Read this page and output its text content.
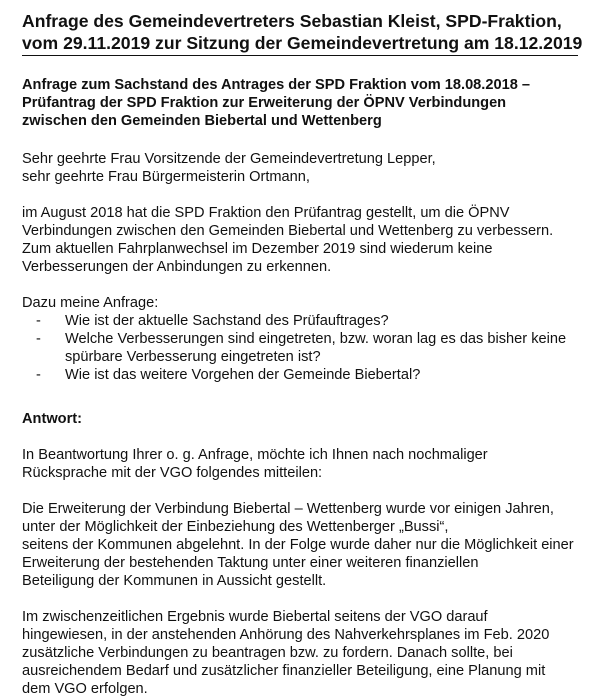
Anfrage des Gemeindevertreters Sebastian Kleist, SPD-Fraktion,
vom 29.11.2019 zur Sitzung der Gemeindevertretung am 18.12.2019
Anfrage zum Sachstand des Antrages der SPD Fraktion vom 18.08.2018 –
Prüfantrag der SPD Fraktion zur Erweiterung der ÖPNV Verbindungen
zwischen den Gemeinden Biebertal und Wettenberg
Sehr geehrte Frau Vorsitzende der Gemeindevertretung Lepper,
sehr geehrte Frau Bürgermeisterin Ortmann,
im August 2018 hat die SPD Fraktion den Prüfantrag gestellt, um die ÖPNV
Verbindungen zwischen den Gemeinden Biebertal und Wettenberg zu verbessern.
Zum aktuellen Fahrplanwechsel im Dezember 2019 sind wiederum keine
Verbesserungen der Anbindungen zu erkennen.
Dazu meine Anfrage:
- Wie ist der aktuelle Sachstand des Prüfauftrages?
- Welche Verbesserungen sind eingetreten, bzw. woran lag es das bisher keine
spürbare Verbesserung eingetreten ist?
- Wie ist das weitere Vorgehen der Gemeinde Biebertal?
Antwort:
In Beantwortung Ihrer o. g. Anfrage, möchte ich Ihnen nach nochmaliger
Rücksprache mit der VGO folgendes mitteilen:
Die Erweiterung der Verbindung Biebertal – Wettenberg wurde vor einigen Jahren,
unter der Möglichkeit der Einbeziehung des Wettenberger „Bussi“,
seitens der Kommunen abgelehnt. In der Folge wurde daher nur die Möglichkeit einer
Erweiterung der bestehenden Taktung unter einer weiteren finanziellen
Beteiligung der Kommunen in Aussicht gestellt.
Im zwischenzeitlichen Ergebnis wurde Biebertal seitens der VGO darauf
hingewiesen, in der anstehenden Anhörung des Nahverkehrsplanes im Feb. 2020
zusätzliche Verbindungen zu beantragen bzw. zu fordern. Danach sollte, bei
ausreichendem Bedarf und zusätzlicher finanzieller Beteiligung, eine Planung mit
dem VGO erfolgen.
